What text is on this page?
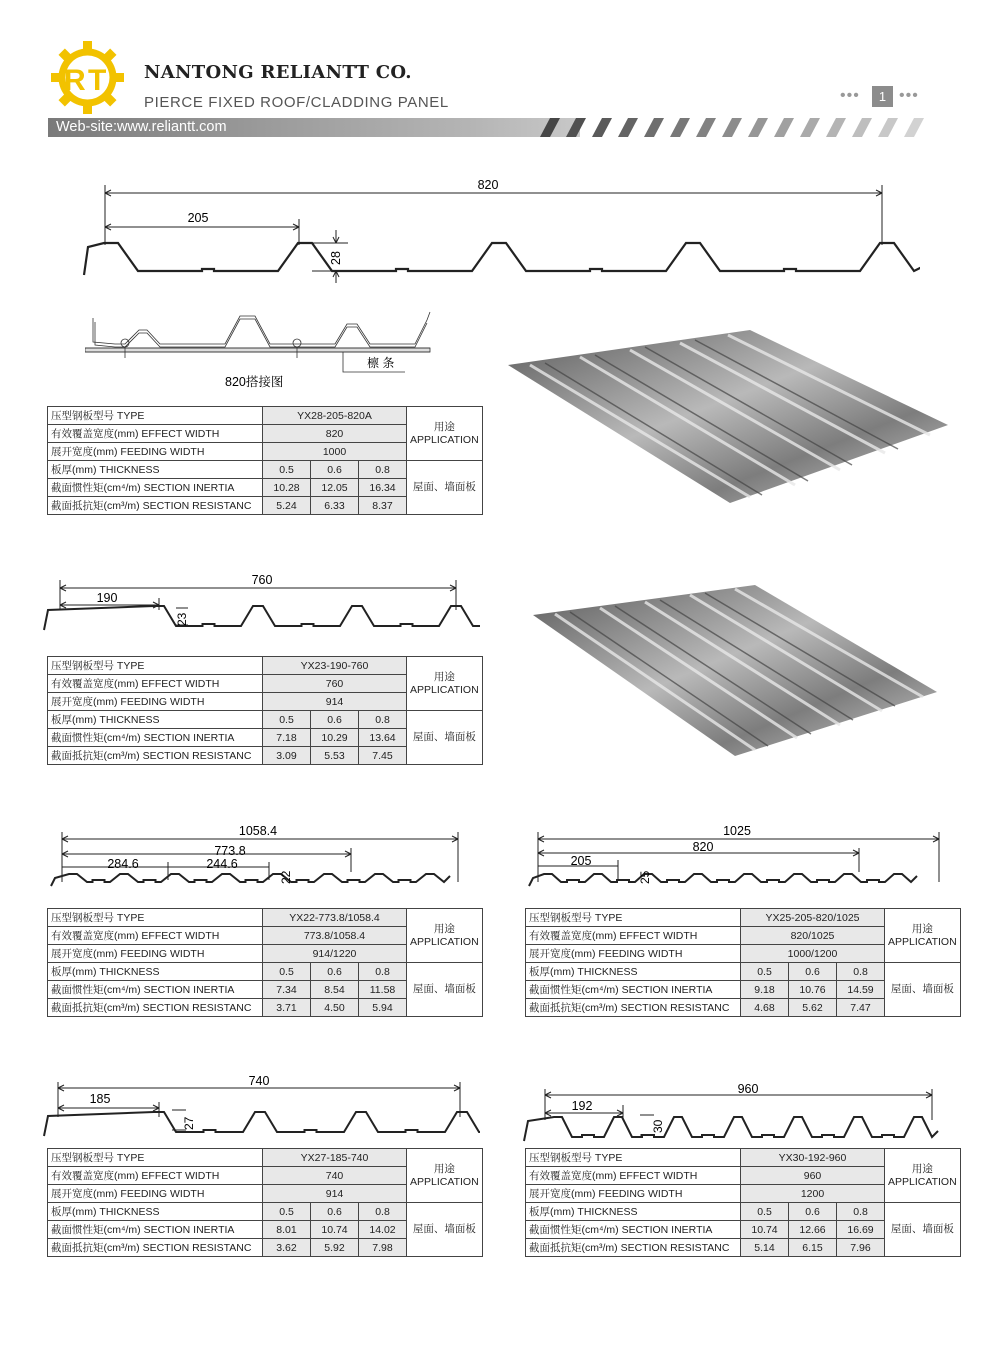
R T NANTONG RELIANTT CO.
PIERCE FIXED ROOF/CLADDING PANEL	•••	1 •••
Web-site:www.reliantt.com
820
205
28
檩 条
820搭接图
压型钢板型号 TYPE	YX28-205-820A			用途
APPLICATION
有效覆盖宽度(mm) EFFECT WIDTH	820			
展开宽度(mm) FEEDING WIDTH	1000			
板厚(mm) THICKNESS	0.5	0.6	0.8	屋面、墙面板
截面惯性矩(cm⁴/m) SECTION INERTIA	10.28	12.05	16.34	
截面抵抗矩(cm³/m) SECTION RESISTANC	5.24	6.33	8.37	
760
190
23
压型钢板型号 TYPE	YX23-190-760			用途
APPLICATION
有效覆盖宽度(mm) EFFECT WIDTH	760			
展开宽度(mm) FEEDING WIDTH	914			
板厚(mm) THICKNESS	0.5	0.6	0.8	屋面、墙面板
截面惯性矩(cm⁴/m) SECTION INERTIA	7.18	10.29	13.64	
截面抵抗矩(cm³/m) SECTION RESISTANC	3.09	5.53	7.45	
1058.4
773.8
284.6	244.6
22
压型钢板型号 TYPE	YX22-773.8/1058.4			用途
APPLICATION
有效覆盖宽度(mm) EFFECT WIDTH	773.8/1058.4			
展开宽度(mm) FEEDING WIDTH	914/1220			
板厚(mm) THICKNESS	0.5	0.6	0.8	屋面、墙面板
截面惯性矩(cm⁴/m) SECTION INERTIA	7.34	8.54	11.58	
截面抵抗矩(cm³/m) SECTION RESISTANC	3.71	4.50	5.94	
1025
820
205
25
压型钢板型号 TYPE	YX25-205-820/1025			用途
APPLICATION
有效覆盖宽度(mm) EFFECT WIDTH	820/1025			
展开宽度(mm) FEEDING WIDTH	1000/1200			
板厚(mm) THICKNESS	0.5	0.6	0.8	屋面、墙面板
截面惯性矩(cm⁴/m) SECTION INERTIA	9.18	10.76	14.59	
截面抵抗矩(cm³/m) SECTION RESISTANC	4.68	5.62	7.47	
740
185
27
压型钢板型号 TYPE	YX27-185-740			用途
APPLICATION
有效覆盖宽度(mm) EFFECT WIDTH	740			
展开宽度(mm) FEEDING WIDTH	914			
板厚(mm) THICKNESS	0.5	0.6	0.8	屋面、墙面板
截面惯性矩(cm⁴/m) SECTION INERTIA	8.01	10.74	14.02	
截面抵抗矩(cm³/m) SECTION RESISTANC	3.62	5.92	7.98	
960
192
30
压型钢板型号 TYPE	YX30-192-960			用途
APPLICATION
有效覆盖宽度(mm) EFFECT WIDTH	960			
展开宽度(mm) FEEDING WIDTH	1200			
板厚(mm) THICKNESS	0.5	0.6	0.8	屋面、墙面板
截面惯性矩(cm⁴/m) SECTION INERTIA	10.74	12.66	16.69	
截面抵抗矩(cm³/m) SECTION RESISTANC	5.14	6.15	7.96	
